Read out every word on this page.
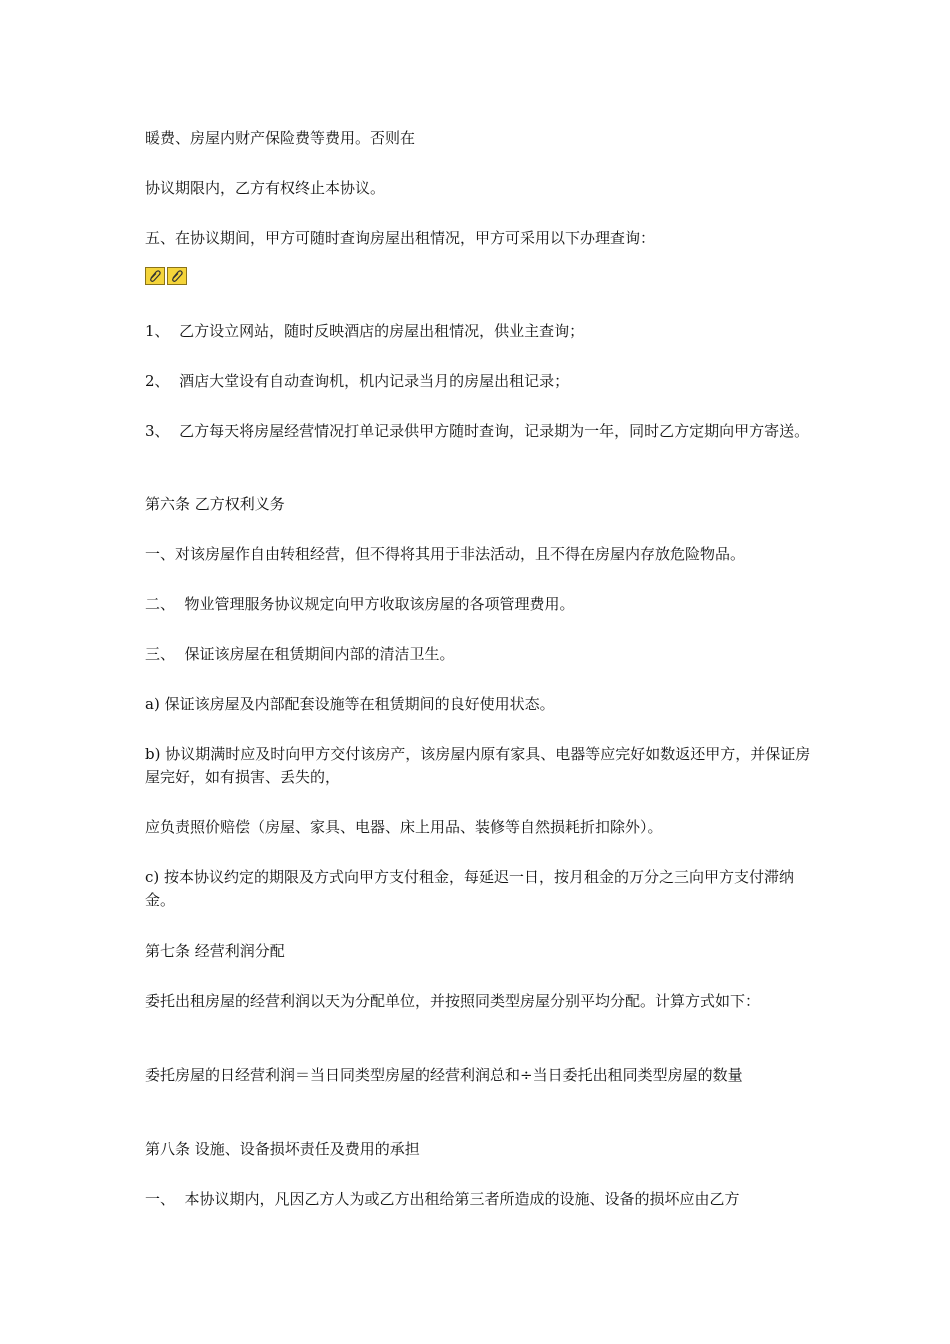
暖费、房屋内财产保险费等费用。否则在

协议期限内，乙方有权终止本协议。

五、在协议期间，甲方可随时查询房屋出租情况，甲方可采用以下办理查询：

1、  乙方设立网站，随时反映酒店的房屋出租情况，供业主查询；

2、  酒店大堂设有自动查询机，机内记录当月的房屋出租记录；

3、  乙方每天将房屋经营情况打单记录供甲方随时查询，记录期为一年，同时乙方定期向甲方寄送。

第六条 乙方权利义务

一、对该房屋作自由转租经营，但不得将其用于非法活动，且不得在房屋内存放危险物品。

二、  物业管理服务协议规定向甲方收取该房屋的各项管理费用。

三、  保证该房屋在租赁期间内部的清洁卫生。

a) 保证该房屋及内部配套设施等在租赁期间的良好使用状态。

b) 协议期满时应及时向甲方交付该房产，该房屋内原有家具、电器等应完好如数返还甲方，并保证房屋完好，如有损害、丢失的，

应负责照价赔偿（房屋、家具、电器、床上用品、装修等自然损耗折扣除外）。

c) 按本协议约定的期限及方式向甲方支付租金，每延迟一日，按月租金的万分之三向甲方支付滞纳金。

第七条 经营利润分配

委托出租房屋的经营利润以天为分配单位，并按照同类型房屋分别平均分配。计算方式如下：

委托房屋的日经营利润＝当日同类型房屋的经营利润总和÷当日委托出租同类型房屋的数量

第八条 设施、设备损坏责任及费用的承担

一、  本协议期内，凡因乙方人为或乙方出租给第三者所造成的设施、设备的损坏应由乙方
